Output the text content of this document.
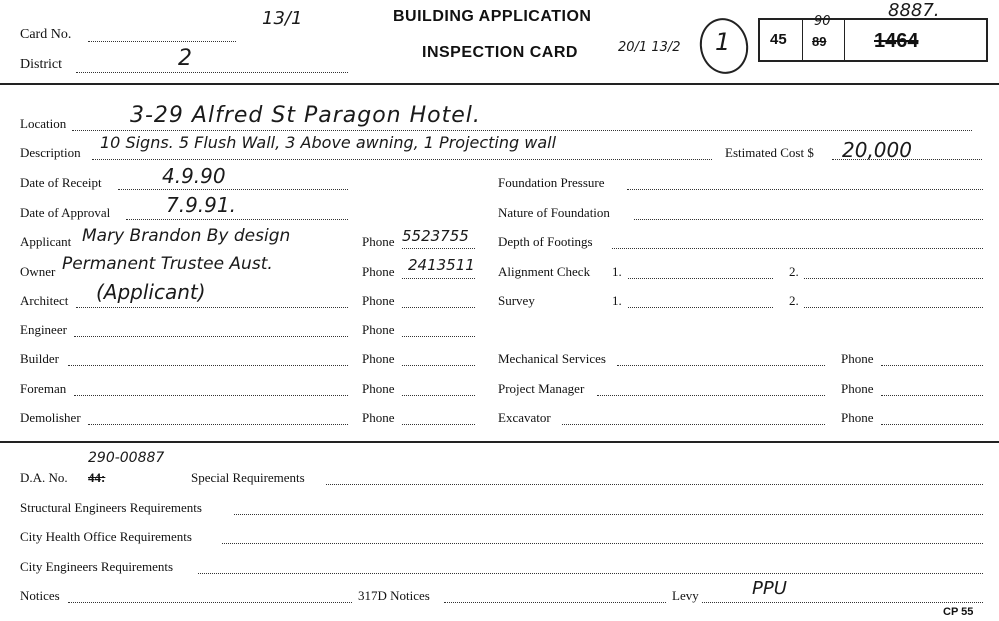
Card No.
13/1
District	2
BUILDING APPLICATION
INSPECTION CARD	20/1 13/2	1	45 89
90
1464
8887.
Location	3-29 Alfred St Paragon Hotel.
Description
10 Signs. 5 Flush Wall, 3 Above awning, 1 Projecting wall
Estimated Cost $ 20,000
Date of Receipt	4.9.90
Date of Approval	7.9.91.
Applicant Mary Brandon By design	Phone 5523755
Owner Permanent Trustee Aust.	Phone 2413511
Architect (Applicant)	Phone
Engineer	Phone
Builder	Phone
Foreman	Phone
Demolisher	Phone
Foundation Pressure
Nature of Foundation
Depth of Footings
Alignment Check 1.	2.
Survey	1.	2.
Mechanical Services	Phone
Project Manager	Phone
Excavator	Phone
D.A. No.
290-00887
44:	Special Requirements
Structural Engineers Requirements
City Health Office Requirements
City Engineers Requirements
Notices	317D Notices	Levy	PPU
CP 55
